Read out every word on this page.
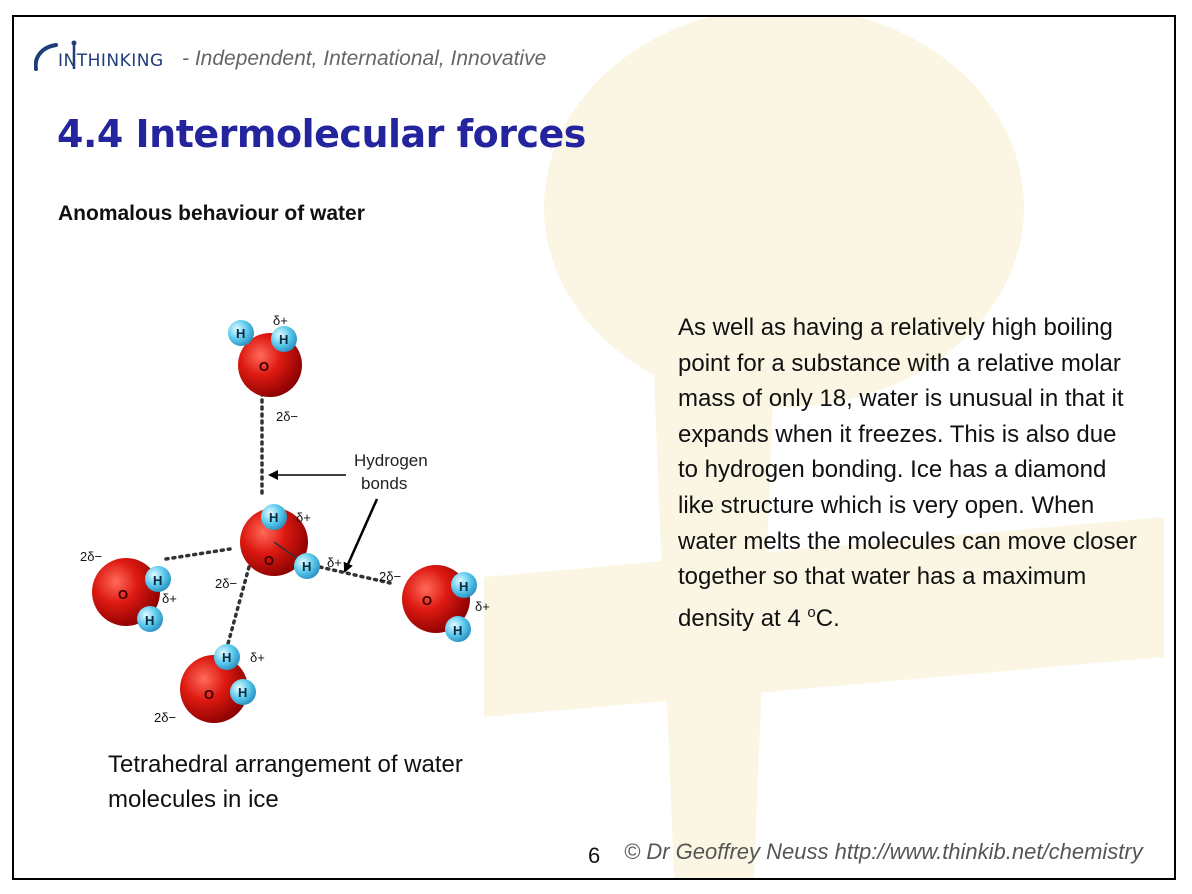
INTHINKING - Independent, International, Innovative
4.4 Intermolecular forces
Anomalous behaviour of water
O
H	H
δ+
2δ−
O
H
H
δ+
δ+
2δ−
O
H
H
δ+
2δ−
O
H
H
δ+
2δ−
O
H
H
δ+
2δ−
Hydrogen
bonds
Tetrahedral arrangement of water molecules in ice
As well as having a relatively high boiling point for a substance with a relative molar mass of only 18, water is unusual in that it expands when it freezes. This is also due to hydrogen bonding. Ice has a diamond like structure which is very open. When water melts the molecules can move closer together so that water has a maximum density at 4 $^o$C.
6 © Dr Geoffrey Neuss http://www.thinkib.net/chemistry
